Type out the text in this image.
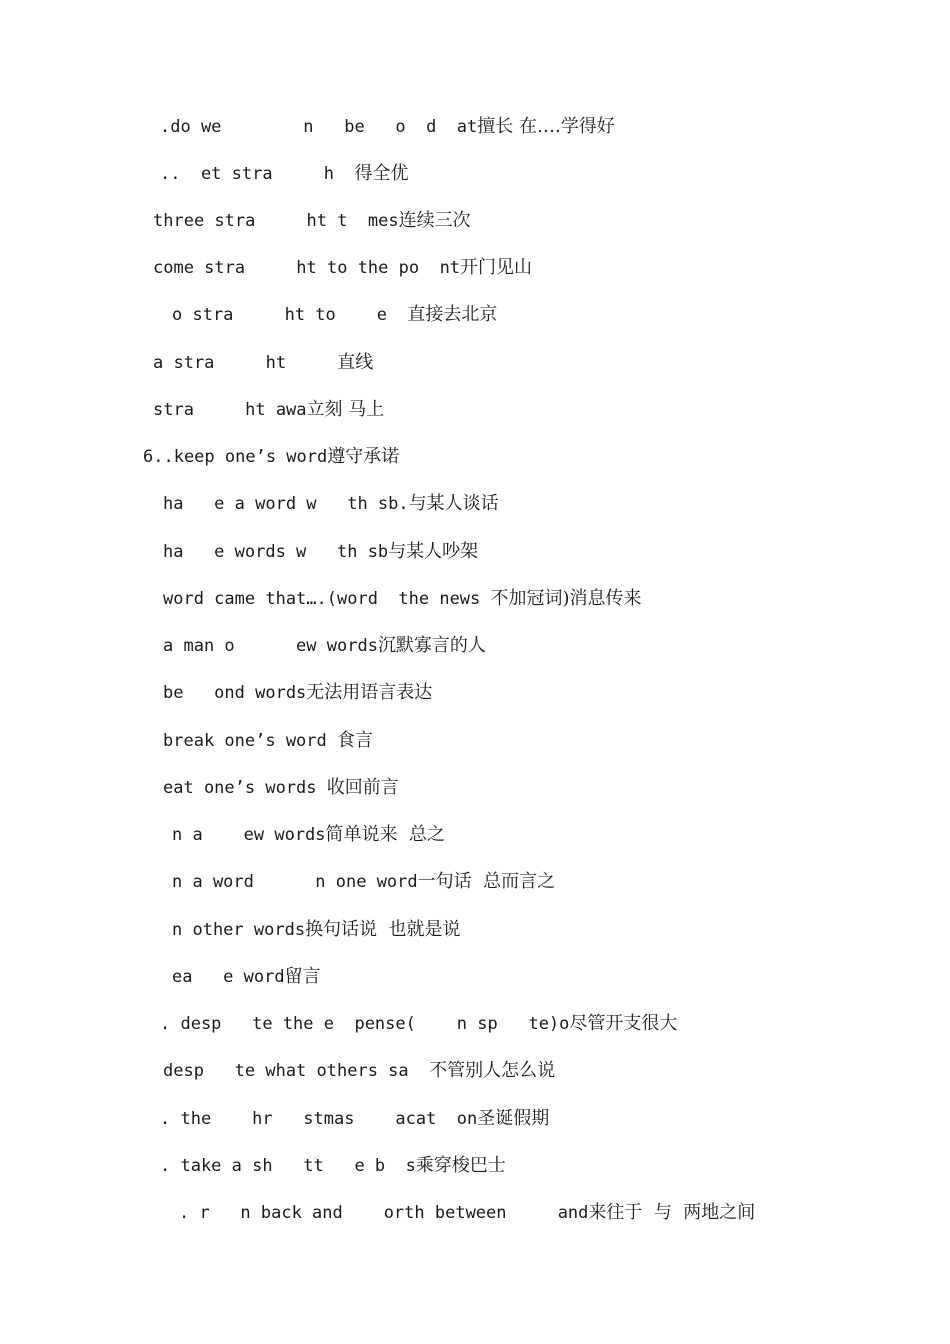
.do we        n   be   o  d  at擅长 在….学得好
..  et stra     h  得全优
three stra     ht t  mes连续三次
come stra     ht to the po  nt开门见山
o stra     ht to    e  直接去北京
a stra     ht     直线
stra     ht awa立刻 马上
6..keep one’s word遵守承诺
ha   e a word w   th sb.与某人谈话
ha   e words w   th sb与某人吵架
word came that….(word  the news 不加冠词)消息传来
a man o      ew words沉默寡言的人
be   ond words无法用语言表达
break one’s word 食言
eat one’s words 收回前言
n a    ew words简单说来  总之
n a word      n one word一句话  总而言之
n other words换句话说  也就是说
ea   e word留言
. desp   te the e  pense(    n sp   te)o尽管开支很大
desp   te what others sa  不管别人怎么说
. the    hr   stmas    acat  on圣诞假期
. take a sh   tt   e b  s乘穿梭巴士
. r   n back and    orth between     and来往于  与  两地之间
